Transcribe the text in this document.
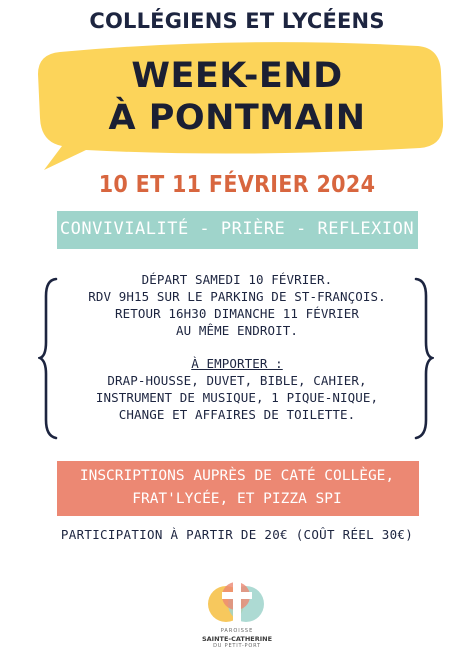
COLLÉGIENS ET LYCÉENS
WEEK-END
À PONTMAIN
10 ET 11 FÉVRIER 2024
CONVIVIALITÉ - PRIÈRE - REFLEXION
DÉPART SAMEDI 10 FÉVRIER.
RDV 9H15 SUR LE PARKING DE ST-FRANÇOIS.
RETOUR 16H30 DIMANCHE 11 FÉVRIER
AU MÊME ENDROIT.
À EMPORTER :
DRAP-HOUSSE, DUVET, BIBLE, CAHIER,
INSTRUMENT DE MUSIQUE, 1 PIQUE-NIQUE,
CHANGE ET AFFAIRES DE TOILETTE.
INSCRIPTIONS AUPRÈS DE CATÉ COLLÈGE,
FRAT'LYCÉE, ET PIZZA SPI
PARTICIPATION À PARTIR DE 20€ (COÛT RÉEL 30€)
PAROISSE
SAINTE-CATHERINE
DU PETIT-PORT
